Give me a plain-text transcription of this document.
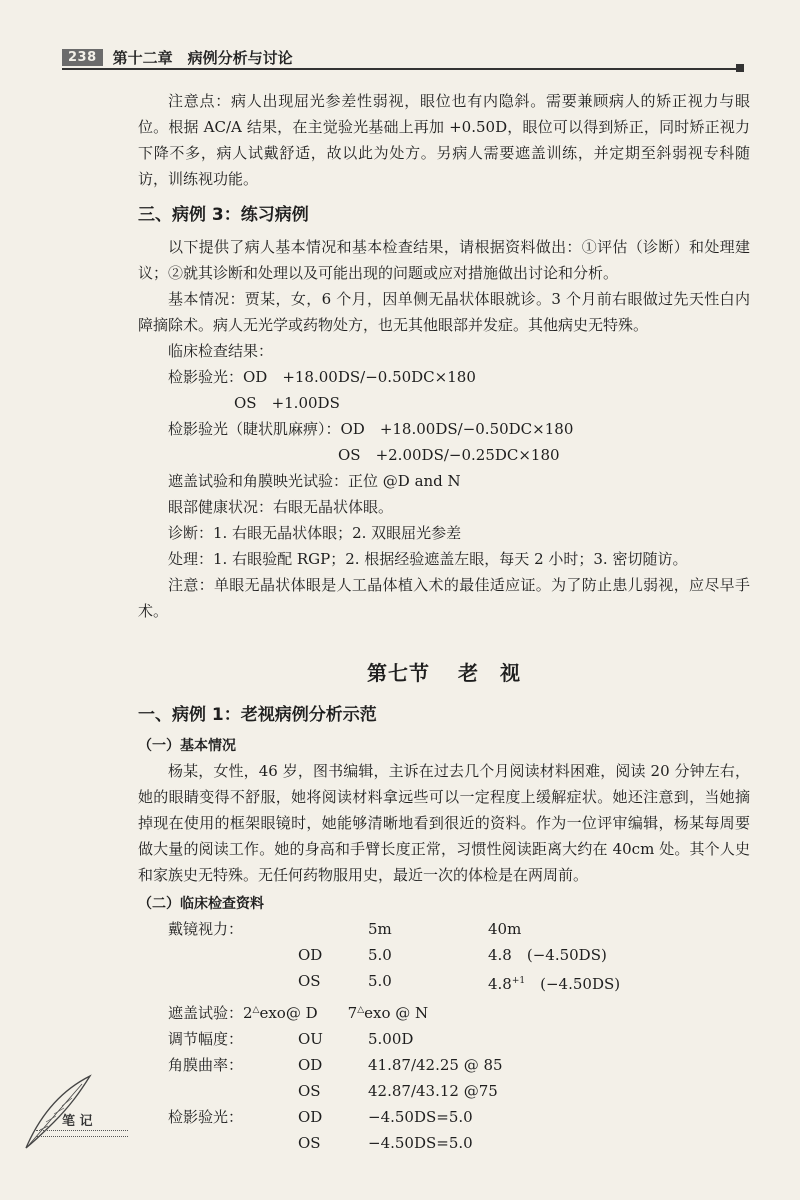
238	第十二章　病例分析与讨论

注意点：病人出现屈光参差性弱视，眼位也有内隐斜。需要兼顾病人的矫正视力与眼位。根据 AC/A 结果，在主觉验光基础上再加 +0.50D，眼位可以得到矫正，同时矫正视力下降不多，病人试戴舒适，故以此为处方。另病人需要遮盖训练，并定期至斜弱视专科随访，训练视功能。

三、病例 3：练习病例

以下提供了病人基本情况和基本检查结果，请根据资料做出：①评估（诊断）和处理建议；②就其诊断和处理以及可能出现的问题或应对措施做出讨论和分析。

基本情况：贾某，女，6 个月，因单侧无晶状体眼就诊。3 个月前右眼做过先天性白内障摘除术。病人无光学或药物处方，也无其他眼部并发症。其他病史无特殊。

临床检查结果：
检影验光：OD　+18.00DS/−0.50DC×180
OS　+1.00DS
检影验光（睫状肌麻痹）：OD　+18.00DS/−0.50DC×180
OS　+2.00DS/−0.25DC×180
遮盖试验和角膜映光试验：正位 @D and N
眼部健康状况：右眼无晶状体眼。
诊断：1. 右眼无晶状体眼；2. 双眼屈光参差
处理：1. 右眼验配 RGP；2. 根据经验遮盖左眼，每天 2 小时；3. 密切随访。

注意：单眼无晶状体眼是人工晶体植入术的最佳适应证。为了防止患儿弱视，应尽早手术。

第七节 老　视
一、病例 1：老视病例分析示范
（一）基本情况

杨某，女性，46 岁，图书编辑，主诉在过去几个月阅读材料困难，阅读 20 分钟左右，她的眼睛变得不舒服，她将阅读材料拿远些可以一定程度上缓解症状。她还注意到，当她摘掉现在使用的框架眼镜时，她能够清晰地看到很近的资料。作为一位评审编辑，杨某每周要做大量的阅读工作。她的身高和手臂长度正常，习惯性阅读距离大约在 40cm 处。其个人史和家族史无特殊。无任何药物服用史，最近一次的体检是在两周前。

（二）临床检查资料
戴镜视力：	5m	40m
OD	5.0	4.8　(−4.50DS)
OS	5.0	$4.8^{+1}$　(−4.50DS)
遮盖试验：2△exo@ D 7△exo @ N
调节幅度：	OU	5.00D
角膜曲率：	OD	41.87/42.25 @ 85
OS	42.87/43.12 @75
检影验光：	OD	−4.50DS=5.0
OS	−4.50DS=5.0
笔 记
